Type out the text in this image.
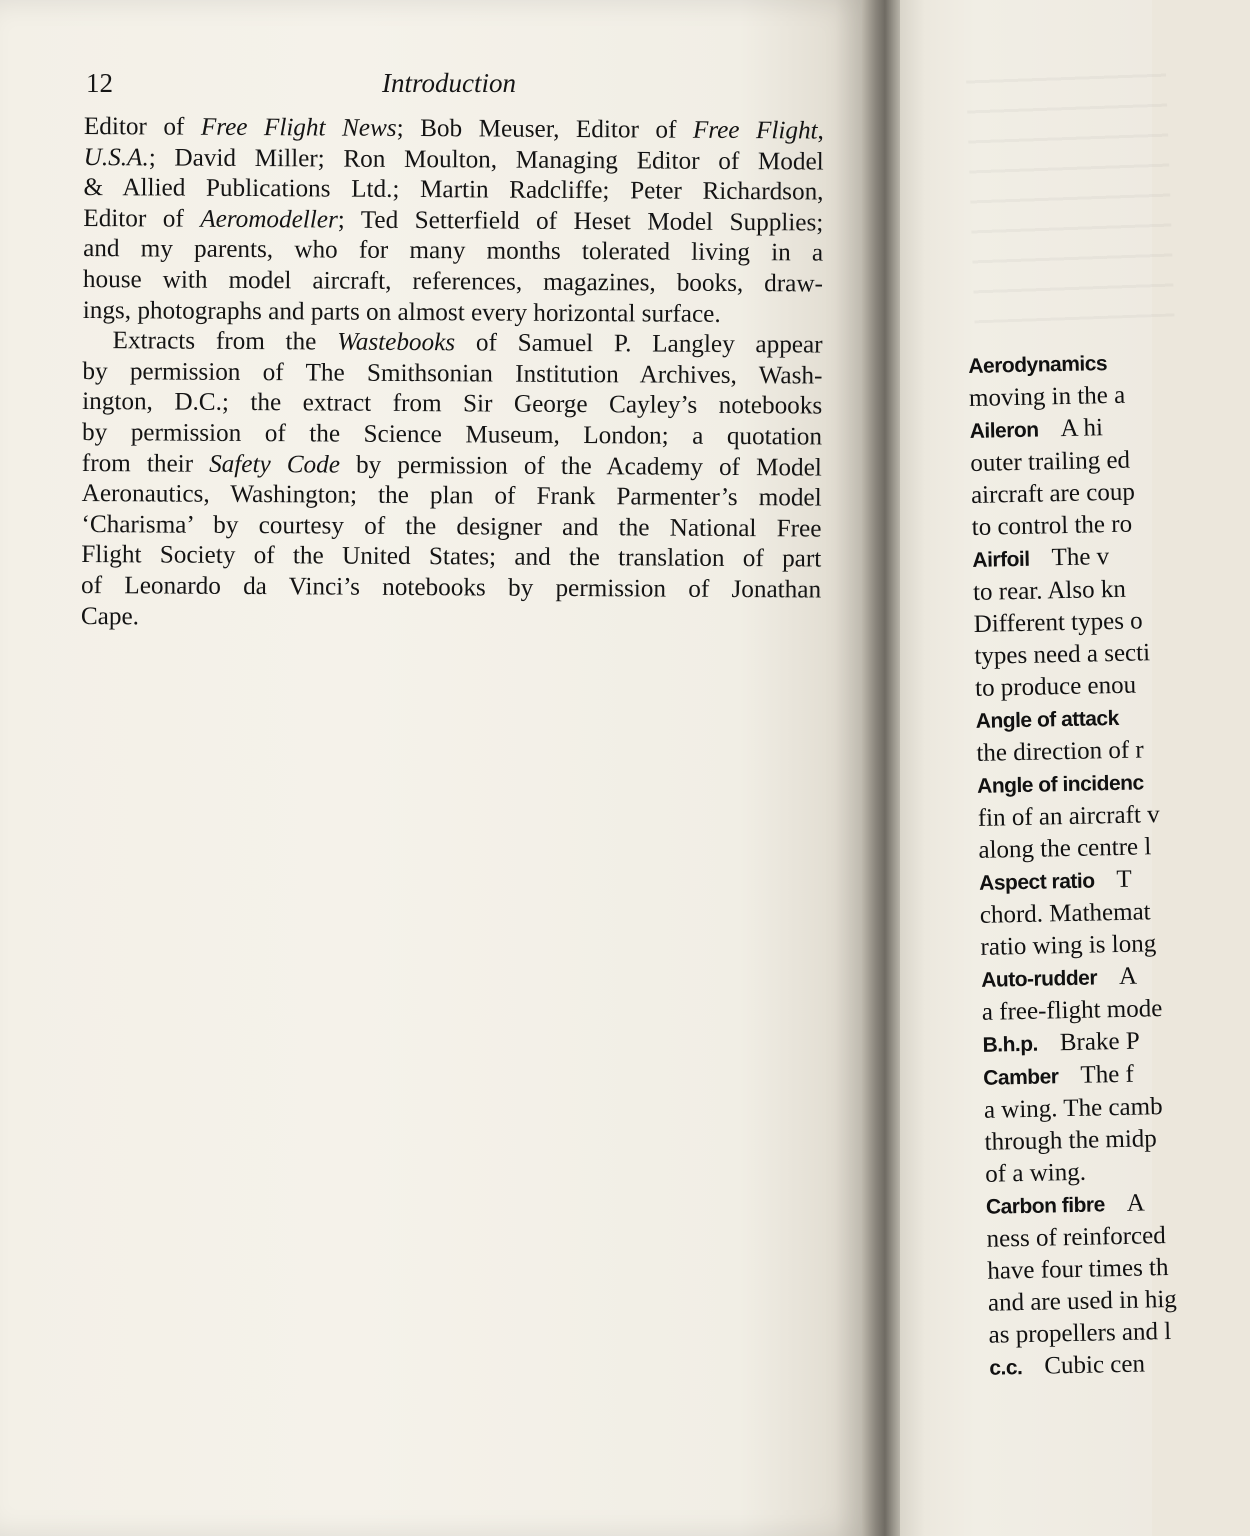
​
​
​
​
​
12	Introduction
Editor of Free Flight News; Bob Meuser, Editor of Free Flight,
U.S.A.; David Miller; Ron Moulton, Managing Editor of Model
& Allied Publications Ltd.; Martin Radcliffe; Peter Richardson,
Editor of Aeromodeller; Ted Setterfield of Heset Model Supplies;
and my parents, who for many months tolerated living in a
house with model aircraft, references, magazines, books, draw-
ings, photographs and parts on almost every horizontal surface.
Extracts from the Wastebooks of Samuel P. Langley appear
by permission of The Smithsonian Institution Archives, Wash-
ington, D.C.; the extract from Sir George Cayley’s notebooks
by permission of the Science Museum, London; a quotation
from their Safety Code by permission of the Academy of Model
Aeronautics, Washington; the plan of Frank Parmenter’s model
‘Charisma’ by courtesy of the designer and the National Free
Flight Society of the United States; and the translation of part
of Leonardo da Vinci’s notebooks by permission of Jonathan
Cape.
Aerodynamics
moving in the a
Aileron A hi
outer trailing ed
aircraft are coup
to control the ro
Airfoil The v
to rear. Also kn
Different types o
types need a secti
to produce enou
Angle of attack
the direction of r
Angle of incidenc
fin of an aircraft v
along the centre l
Aspect ratio T
chord. Mathemat
ratio wing is long
Auto-rudder A
a free-flight mode
B.h.p. Brake P
Camber The f
a wing. The camb
through the midp
of a wing.
Carbon fibre A
ness of reinforced
have four times th
and are used in hig
as propellers and l
c.c. Cubic cen
